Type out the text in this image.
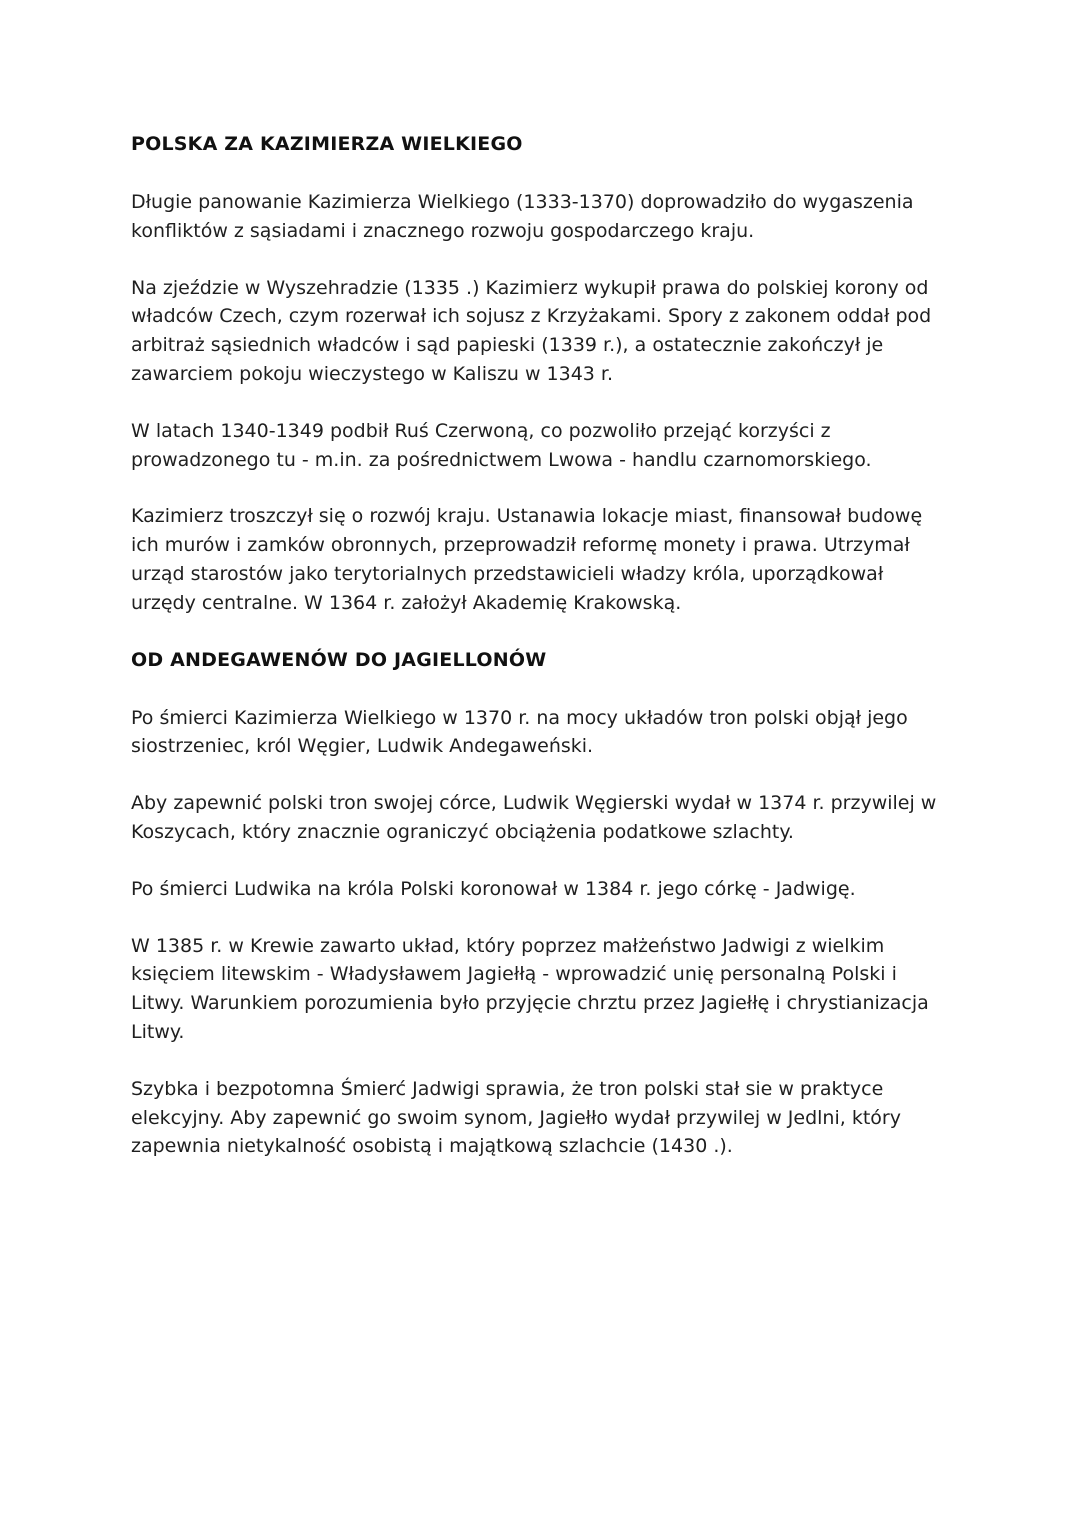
POLSKA ZA KAZIMIERZA WIELKIEGO

Długie panowanie Kazimierza Wielkiego (1333-1370) doprowadziło do wygaszenia konfliktów z sąsiadami i znacznego rozwoju gospodarczego kraju.

Na zjeździe w Wyszehradzie (1335 .) Kazimierz wykupił prawa do polskiej korony od władców Czech, czym rozerwał ich sojusz z Krzyżakami. Spory z zakonem oddał pod arbitraż sąsiednich władców i sąd papieski (1339 r.), a ostatecznie zakończył je zawarciem pokoju wieczystego w Kaliszu w 1343 r.

W latach 1340-1349 podbił Ruś Czerwoną, co pozwoliło przejąć korzyści z prowadzonego tu - m.in. za pośrednictwem Lwowa - handlu czarnomorskiego.

Kazimierz troszczył się o rozwój kraju. Ustanawia lokacje miast, finansował budowę ich murów i zamków obronnych, przeprowadził reformę monety i prawa. Utrzymał urząd starostów jako terytorialnych przedstawicieli władzy króla, uporządkował urzędy centralne. W 1364 r. założył Akademię Krakowską.

OD ANDEGAWENÓW DO JAGIELLONÓW

Po śmierci Kazimierza Wielkiego w 1370 r. na mocy układów tron polski objął jego siostrzeniec, król Węgier, Ludwik Andegaweński.

Aby zapewnić polski tron swojej córce, Ludwik Węgierski wydał w 1374 r. przywilej w Koszycach, który znacznie ograniczyć obciążenia podatkowe szlachty.

Po śmierci Ludwika na króla Polski koronował w 1384 r. jego córkę - Jadwigę.

W 1385 r. w Krewie zawarto układ, który poprzez małżeństwo Jadwigi z wielkim księciem litewskim - Władysławem Jagiełłą - wprowadzić unię personalną Polski i Litwy. Warunkiem porozumienia było przyjęcie chrztu przez Jagiełłę i chrystianizacja Litwy.

Szybka i bezpotomna Śmierć Jadwigi sprawia, że tron polski stał sie w praktyce elekcyjny. Aby zapewnić go swoim synom, Jagiełło wydał przywilej w Jedlni, który zapewnia nietykalność osobistą i majątkową szlachcie (1430 .).
